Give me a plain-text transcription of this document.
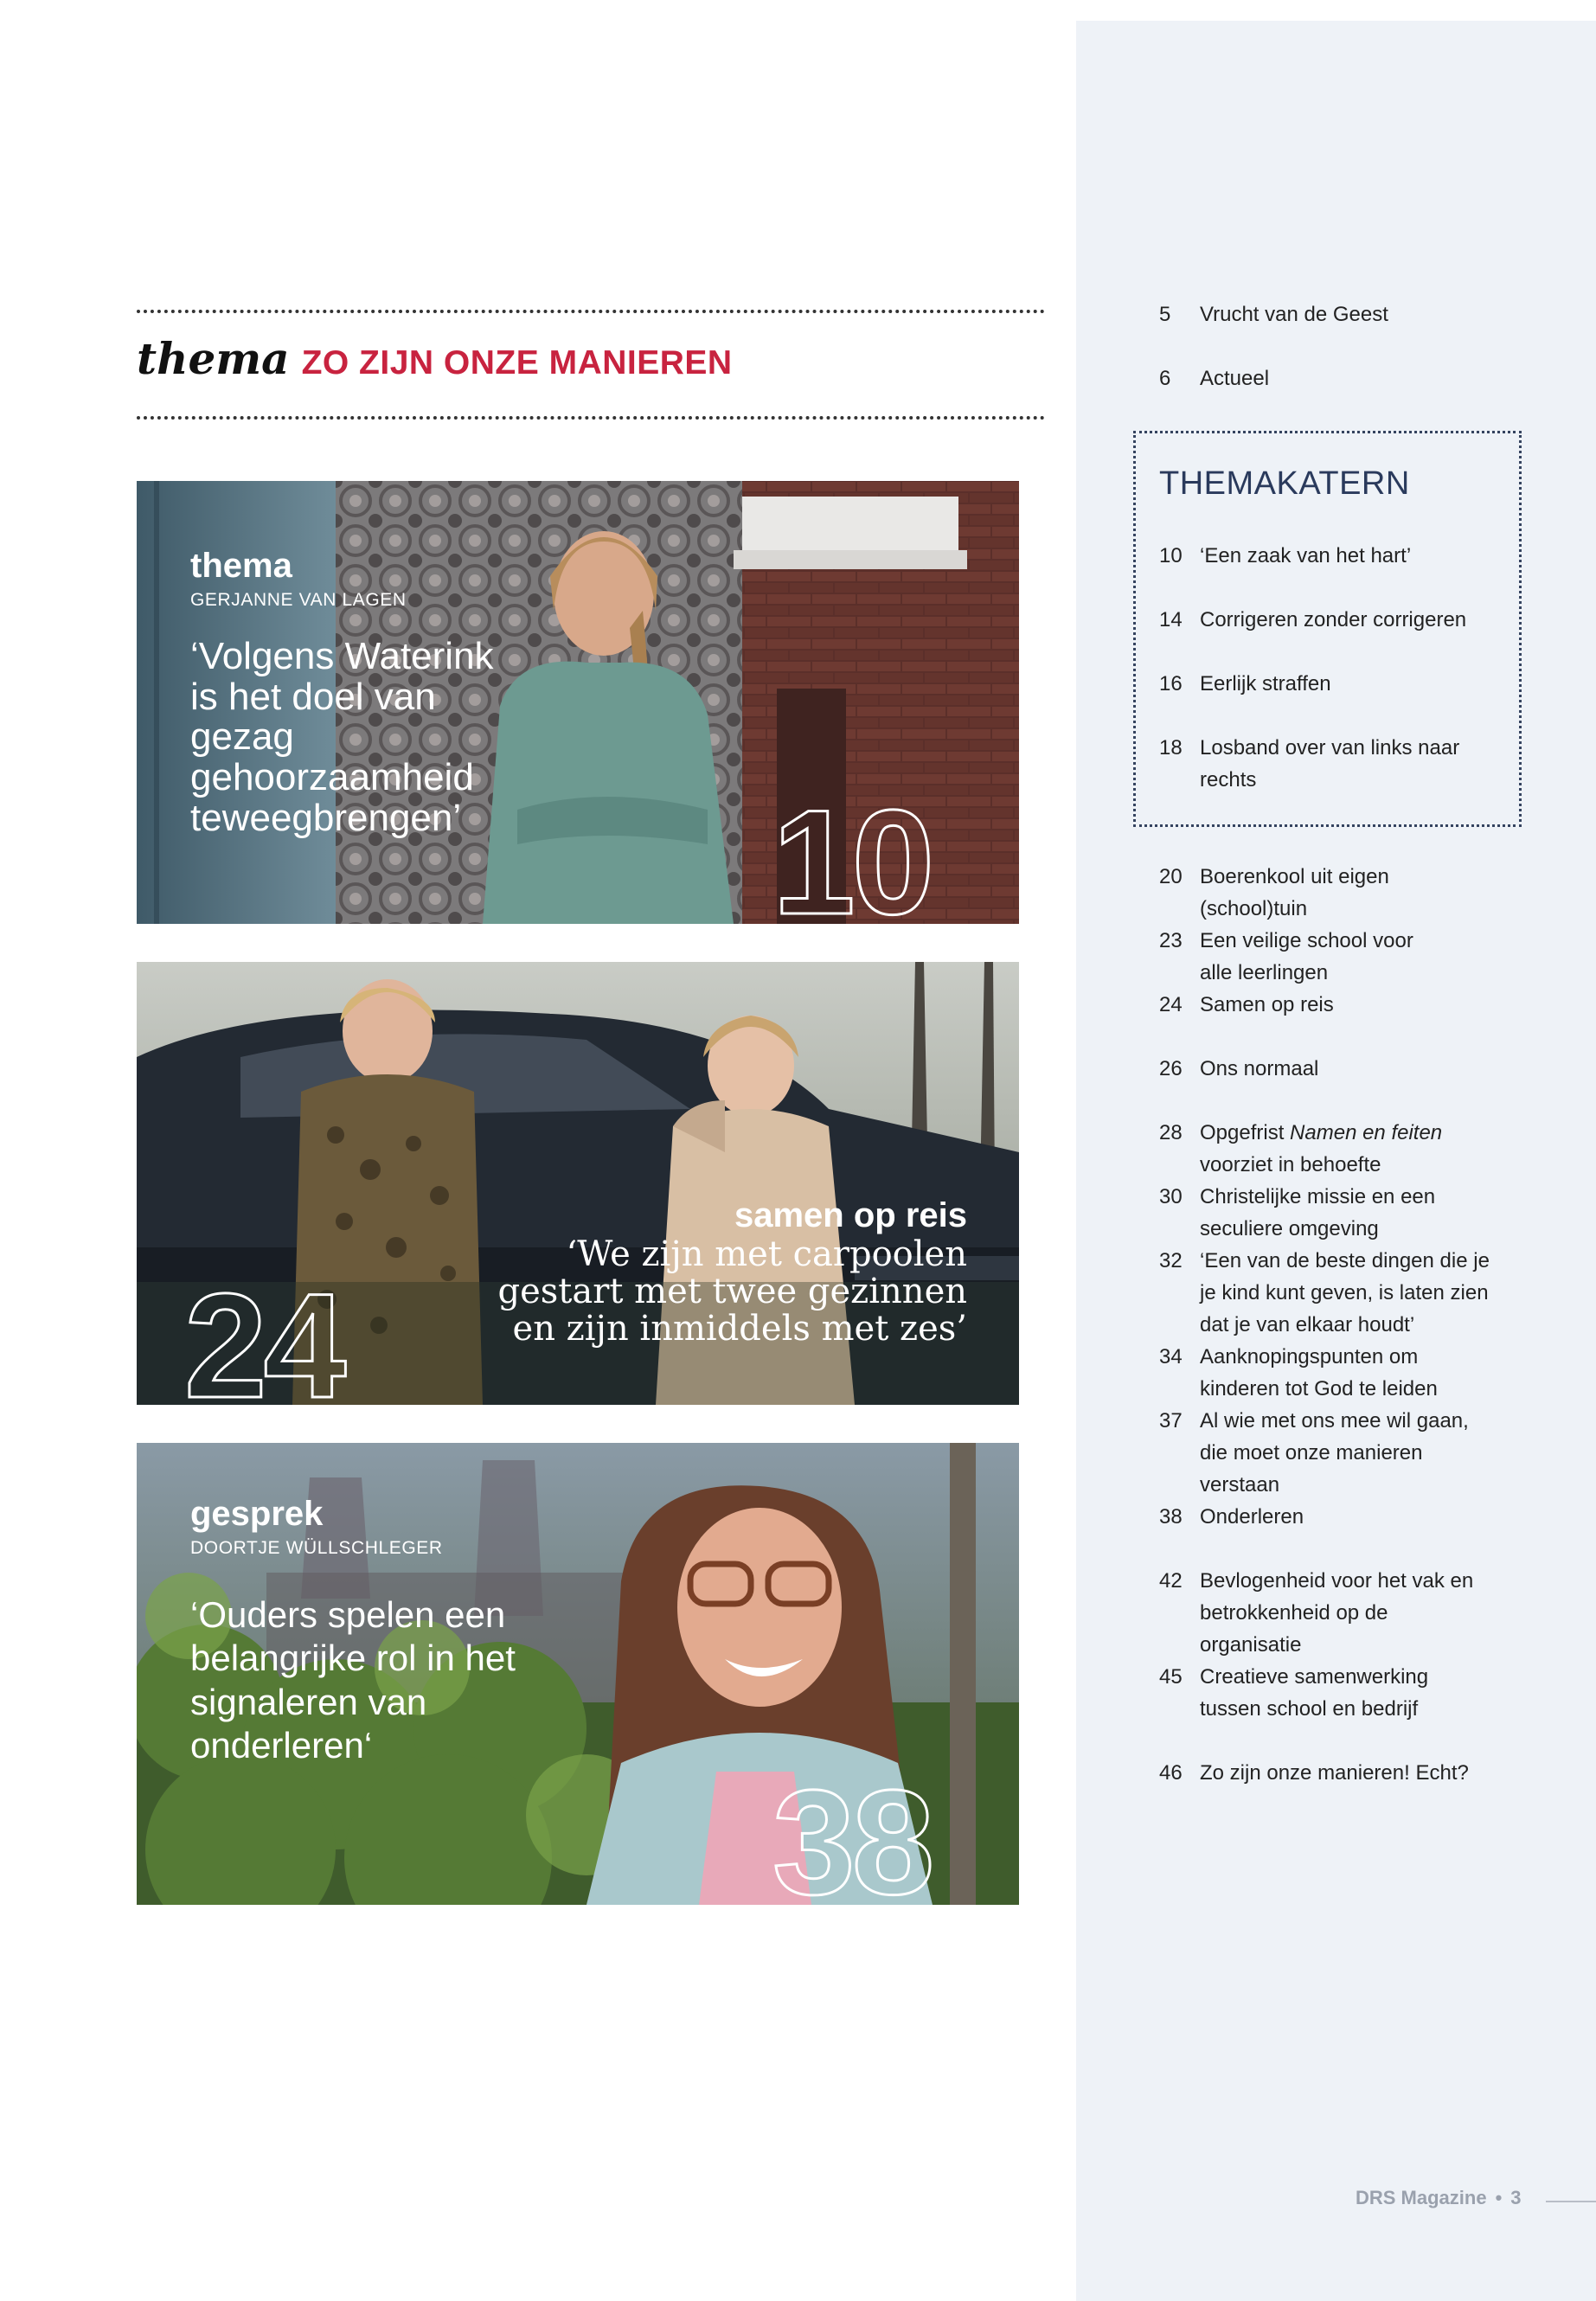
thema ZO ZIJN ONZE MANIEREN
thema
GERJANNE VAN LAGEN
‘Volgens Waterink is het doel van gezag gehoorzaamheid teweegbrengen’	10
samen op reis
‘We zijn met carpoolen gestart met twee gezinnen en zijn inmiddels met zes’
24
gesprek
DOORTJE WÜLLSCHLEGER
‘Ouders spelen een belangrijke rol in het signaleren van onderleren‘
38
THEMAKATERN
5	Vrucht van de Geest
6	Actueel
10 ‘Een zaak van het hart’
14 Corrigeren zonder corrigeren
16 Eerlijk straffen
18 Losband over van links naar rechts
20 Boerenkool uit eigen (school)tuin
23 Een veilige school voor alle leerlingen
24 Samen op reis
26 Ons normaal
28 Opgefrist Namen en feiten voorziet in behoefte
30 Christelijke missie en een seculiere omgeving
32 ‘Een van de beste dingen die je je kind kunt geven, is laten zien dat je van elkaar houdt’
34 Aanknopingspunten om kinderen tot God te leiden
37 Al wie met ons mee wil gaan, die moet onze manieren verstaan
38 Onderleren
42 Bevlogenheid voor het vak en betrokkenheid op de organisatie
45 Creatieve samenwerking tussen school en bedrijf
46 Zo zijn onze manieren! Echt?
DRS Magazine • 3
